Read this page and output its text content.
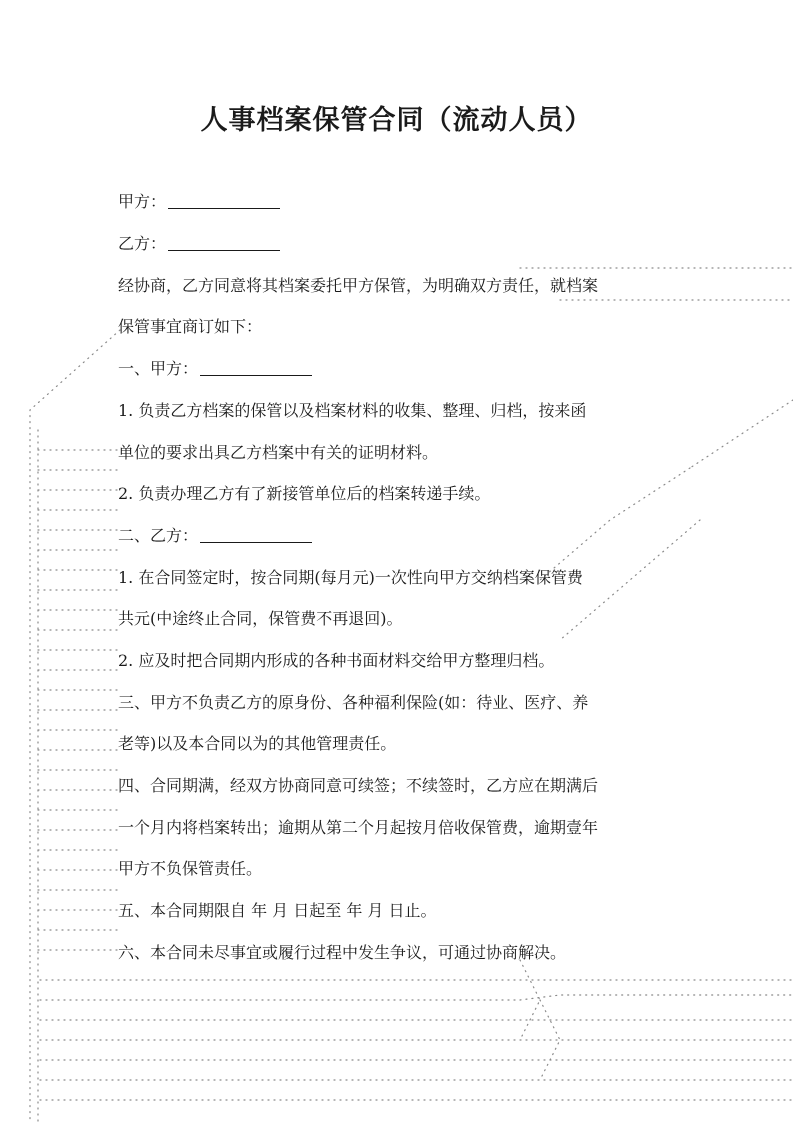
人事档案保管合同（流动人员）
甲方：
乙方：
经协商，乙方同意将其档案委托甲方保管，为明确双方责任，就档案
保管事宜商订如下：
一、甲方：
1. 负责乙方档案的保管以及档案材料的收集、整理、归档，按来函
单位的要求出具乙方档案中有关的证明材料。
2. 负责办理乙方有了新接管单位后的档案转递手续。
二、乙方：
1. 在合同签定时，按合同期(每月元)一次性向甲方交纳档案保管费
共元(中途终止合同，保管费不再退回)。
2. 应及时把合同期内形成的各种书面材料交给甲方整理归档。
三、甲方不负责乙方的原身份、各种福利保险(如：待业、医疗、养
老等)以及本合同以为的其他管理责任。
四、合同期满，经双方协商同意可续签；不续签时，乙方应在期满后
一个月内将档案转出；逾期从第二个月起按月倍收保管费，逾期壹年
甲方不负保管责任。
五、本合同期限自 年 月 日起至 年 月 日止。
六、本合同未尽事宜或履行过程中发生争议，可通过协商解决。
